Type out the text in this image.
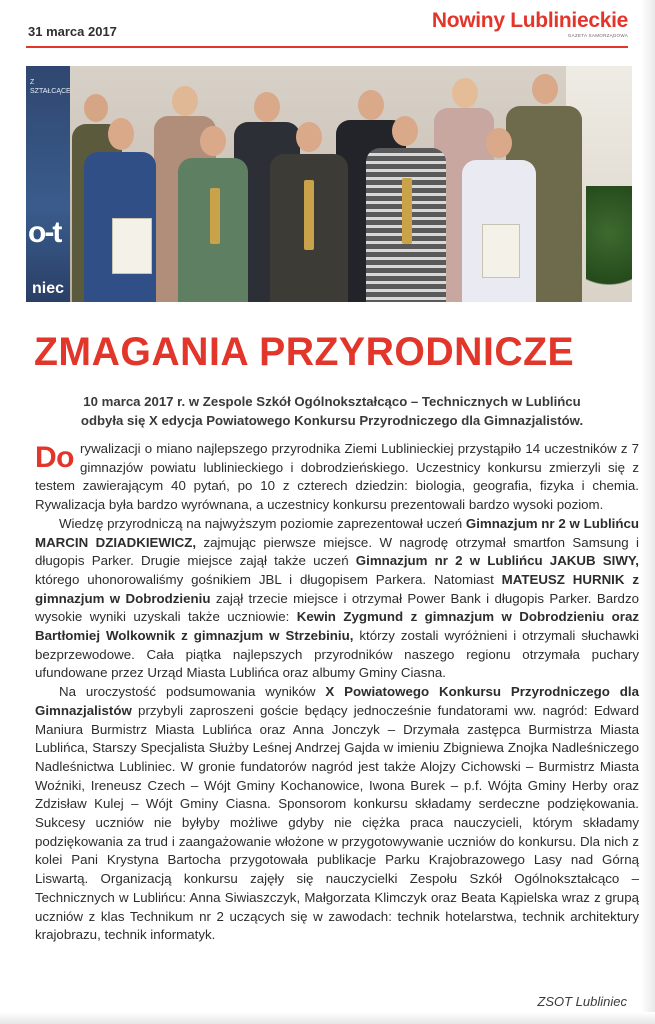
31 marca 2017	Nowiny Lublinieckie
GAZETA SAMORZĄDOWA
Z
SZTAŁCĄCE
o-t
niec
ZMAGANIA PRZYRODNICZE
10 marca 2017 r. w Zespole Szkół Ogólnokształcąco – Technicznych w Lublińcu odbyła się X edycja Powiatowego Konkursu Przyrodniczego dla Gimnazjalistów.

Do rywalizacji o miano najlepszego przyrodnika Ziemi Lublinieckiej przystąpiło 14 uczestników z 7 gimnazjów powiatu lublinieckiego i dobrodzieńskiego. Uczestnicy konkursu zmierzyli się z testem zawierającym 40 pytań, po 10 z czterech dziedzin: biologia, geografia, fizyka i chemia. Rywalizacja była bardzo wyrównana, a uczestnicy konkursu prezentowali bardzo wysoki poziom.

Wiedzę przyrodniczą na najwyższym poziomie zaprezentował uczeń Gimnazjum nr 2 w Lublińcu MARCIN DZIADKIEWICZ, zajmując pierwsze miejsce. W nagrodę otrzymał smartfon Samsung i długopis Parker. Drugie miejsce zajął także uczeń Gimnazjum nr 2 w Lublińcu JAKUB SIWY, którego uhonorowaliśmy gośnikiem JBL i długopisem Parkera. Natomiast MATEUSZ HURNIK z gimnazjum w Dobrodzieniu zajął trzecie miejsce i otrzymał Power Bank i długopis Parker. Bardzo wysokie wyniki uzyskali także uczniowie: Kewin Zygmund z gimnazjum w Dobrodzieniu oraz Bartłomiej Wolkownik z gimnazjum w Strzebiniu, którzy zostali wyróżnieni i otrzymali słuchawki bezprzewodowe. Cała piątka najlepszych przyrodników naszego regionu otrzymała puchary ufundowane przez Urząd Miasta Lublińca oraz albumy Gminy Ciasna.

Na uroczystość podsumowania wyników X Powiatowego Konkursu Przyrodniczego dla Gimnazjalistów przybyli zaproszeni goście będący jednocześnie fundatorami ww. nagród: Edward Maniura Burmistrz Miasta Lublińca oraz Anna Jonczyk – Drzymała zastępca Burmistrza Miasta Lublińca, Starszy Specjalista Służby Leśnej Andrzej Gajda w imieniu Zbigniewa Znojka Nadleśniczego Nadleśnictwa Lubliniec. W gronie fundatorów nagród jest także Alojzy Cichowski – Burmistrz Miasta Woźniki, Ireneusz Czech – Wójt Gminy Kochanowice, Iwona Burek – p.f. Wójta Gminy Herby oraz Zdzisław Kulej – Wójt Gminy Ciasna. Sponsorom konkursu składamy serdeczne podziękowania. Sukcesy uczniów nie byłyby możliwe gdyby nie ciężka praca nauczycieli, którym składamy podziękowania za trud i zaangażowanie włożone w przygotowywanie uczniów do konkursu. Dla nich z kolei Pani Krystyna Bartocha przygotowała publikacje Parku Krajobrazowego Lasy nad Górną Liswartą. Organizacją konkursu zajęły się nauczycielki Zespołu Szkół Ogólnokształcąco – Technicznych w Lublińcu: Anna Siwiaszczyk, Małgorzata Klimczyk oraz Beata Kąpielska wraz z grupą uczniów z klas Technikum nr 2 uczących się w zawodach: technik hotelarstwa, technik architektury krajobrazu, technik informatyk.

ZSOT Lubliniec
